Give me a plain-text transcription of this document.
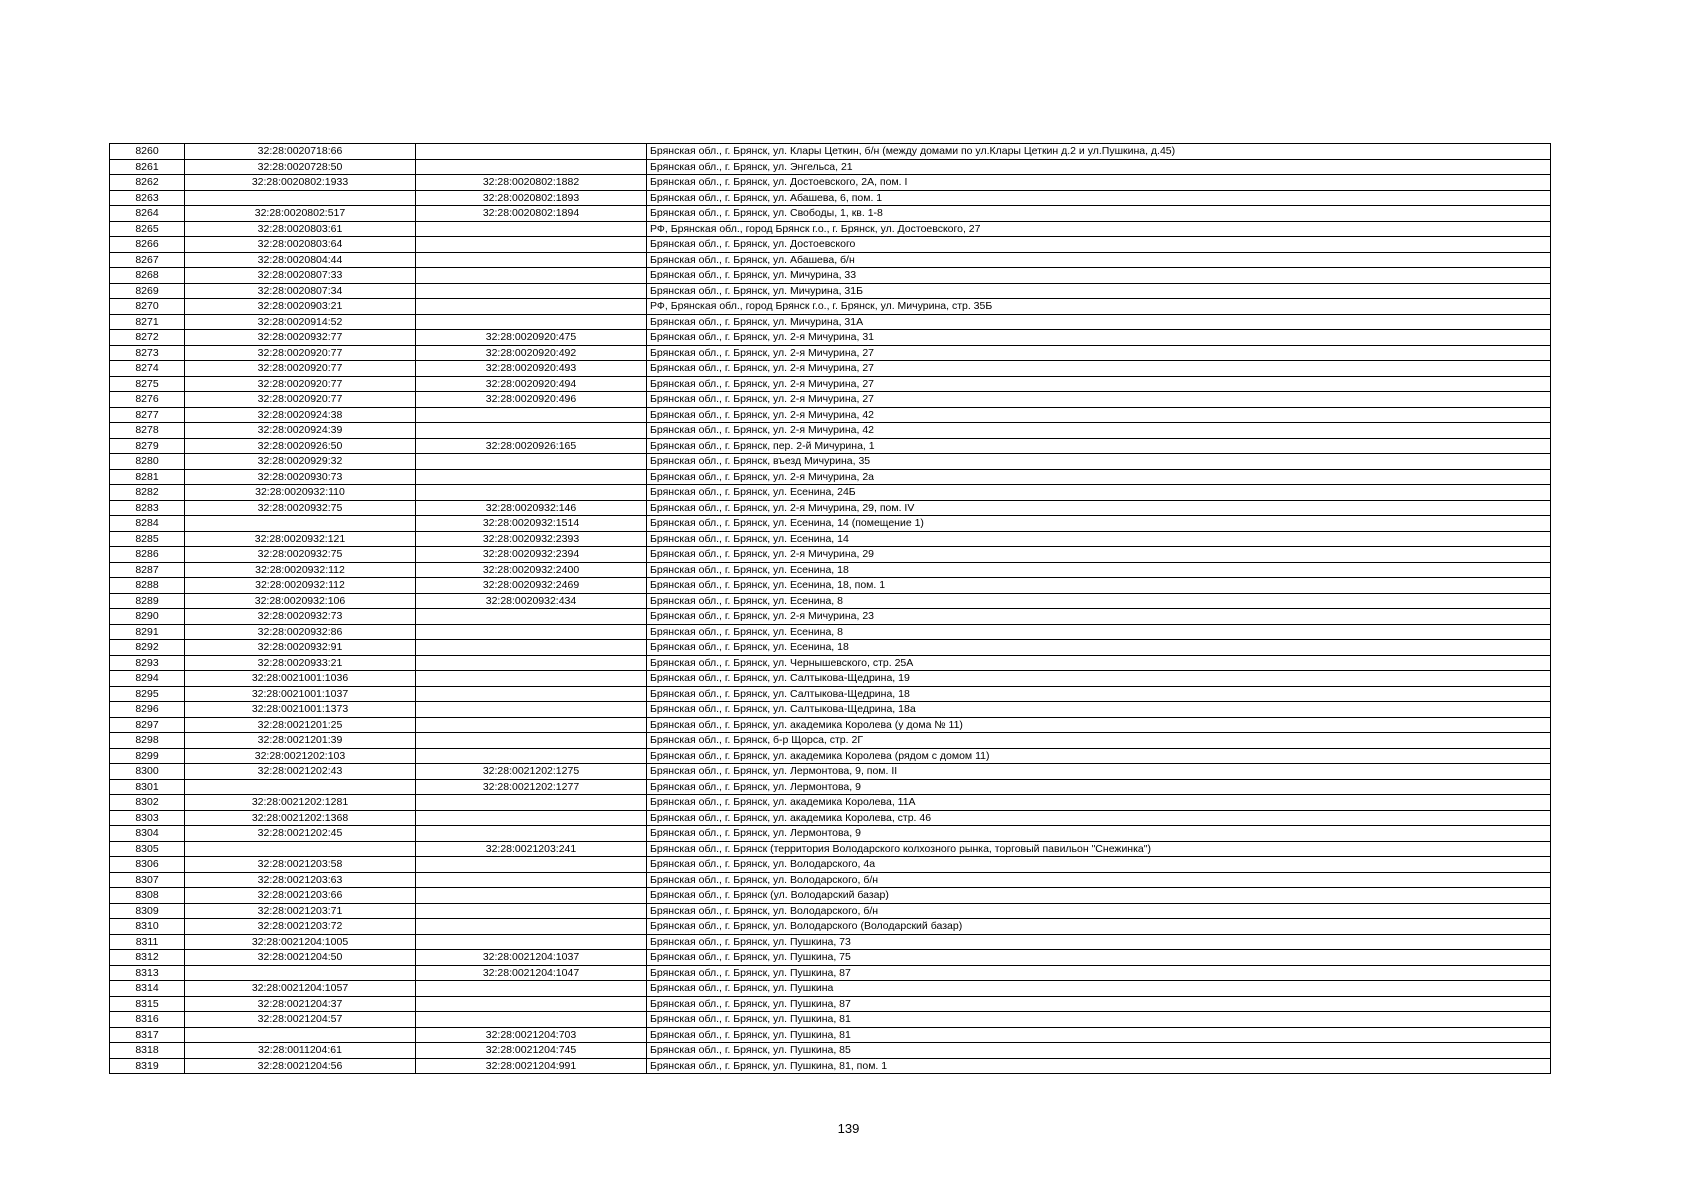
8260	32:28:0020718:66		Брянская обл., г. Брянск, ул. Клары Цеткин, б/н (между домами по ул.Клары Цеткин д.2 и ул.Пушкина, д.45)
8261	32:28:0020728:50		Брянская обл., г. Брянск, ул. Энгельса, 21
8262	32:28:0020802:1933	32:28:0020802:1882	Брянская обл., г. Брянск, ул. Достоевского, 2А, пом. I
8263		32:28:0020802:1893	Брянская обл., г. Брянск, ул. Абашева, 6, пом. 1
8264	32:28:0020802:517	32:28:0020802:1894	Брянская обл., г. Брянск, ул. Свободы, 1, кв. 1-8
8265	32:28:0020803:61		РФ, Брянская обл., город Брянск г.о., г. Брянск, ул. Достоевского, 27
8266	32:28:0020803:64		Брянская обл., г. Брянск, ул. Достоевского
8267	32:28:0020804:44		Брянская обл., г. Брянск, ул. Абашева, б/н
8268	32:28:0020807:33		Брянская обл., г. Брянск, ул. Мичурина, 33
8269	32:28:0020807:34		Брянская обл., г. Брянск, ул. Мичурина, 31Б
8270	32:28:0020903:21		РФ, Брянская обл., город Брянск г.о., г. Брянск, ул. Мичурина, стр. 35Б
8271	32:28:0020914:52		Брянская обл., г. Брянск, ул. Мичурина, 31А
8272	32:28:0020932:77	32:28:0020920:475	Брянская обл., г. Брянск, ул. 2-я Мичурина, 31
8273	32:28:0020920:77	32:28:0020920:492	Брянская обл., г. Брянск, ул. 2-я Мичурина, 27
8274	32:28:0020920:77	32:28:0020920:493	Брянская обл., г. Брянск, ул. 2-я Мичурина, 27
8275	32:28:0020920:77	32:28:0020920:494	Брянская обл., г. Брянск, ул. 2-я Мичурина, 27
8276	32:28:0020920:77	32:28:0020920:496	Брянская обл., г. Брянск, ул. 2-я Мичурина, 27
8277	32:28:0020924:38		Брянская обл., г. Брянск, ул. 2-я Мичурина, 42
8278	32:28:0020924:39		Брянская обл., г. Брянск, ул. 2-я Мичурина, 42
8279	32:28:0020926:50	32:28:0020926:165	Брянская обл., г. Брянск, пер. 2-й Мичурина, 1
8280	32:28:0020929:32		Брянская обл., г. Брянск, въезд Мичурина, 35
8281	32:28:0020930:73		Брянская обл., г. Брянск, ул. 2-я Мичурина, 2а
8282	32:28:0020932:110		Брянская обл., г. Брянск, ул. Есенина, 24Б
8283	32:28:0020932:75	32:28:0020932:146	Брянская обл., г. Брянск, ул. 2-я Мичурина, 29, пом. IV
8284		32:28:0020932:1514	Брянская обл., г. Брянск, ул. Есенина, 14 (помещение 1)
8285	32:28:0020932:121	32:28:0020932:2393	Брянская обл., г. Брянск, ул. Есенина, 14
8286	32:28:0020932:75	32:28:0020932:2394	Брянская обл., г. Брянск, ул. 2-я Мичурина, 29
8287	32:28:0020932:112	32:28:0020932:2400	Брянская обл., г. Брянск, ул. Есенина, 18
8288	32:28:0020932:112	32:28:0020932:2469	Брянская обл., г. Брянск, ул. Есенина, 18, пом. 1
8289	32:28:0020932:106	32:28:0020932:434	Брянская обл., г. Брянск, ул. Есенина, 8
8290	32:28:0020932:73		Брянская обл., г. Брянск, ул. 2-я Мичурина, 23
8291	32:28:0020932:86		Брянская обл., г. Брянск, ул. Есенина, 8
8292	32:28:0020932:91		Брянская обл., г. Брянск, ул. Есенина, 18
8293	32:28:0020933:21		Брянская обл., г. Брянск, ул. Чернышевского, стр. 25А
8294	32:28:0021001:1036		Брянская обл., г. Брянск, ул. Салтыкова-Щедрина, 19
8295	32:28:0021001:1037		Брянская обл., г. Брянск, ул. Салтыкова-Щедрина, 18
8296	32:28:0021001:1373		Брянская обл., г. Брянск, ул. Салтыкова-Щедрина, 18а
8297	32:28:0021201:25		Брянская обл., г. Брянск, ул. академика Королева (у дома № 11)
8298	32:28:0021201:39		Брянская обл., г. Брянск, б-р Щорса, стр. 2Г
8299	32:28:0021202:103		Брянская обл., г. Брянск, ул. академика Королева (рядом с домом 11)
8300	32:28:0021202:43	32:28:0021202:1275	Брянская обл., г. Брянск, ул. Лермонтова, 9, пом. II
8301		32:28:0021202:1277	Брянская обл., г. Брянск, ул. Лермонтова, 9
8302	32:28:0021202:1281		Брянская обл., г. Брянск, ул. академика Королева, 11А
8303	32:28:0021202:1368		Брянская обл., г. Брянск, ул. академика Королева, стр. 46
8304	32:28:0021202:45		Брянская обл., г. Брянск, ул. Лермонтова, 9
8305		32:28:0021203:241	Брянская обл., г. Брянск (территория Володарского колхозного рынка, торговый павильон "Снежинка")
8306	32:28:0021203:58		Брянская обл., г. Брянск, ул. Володарского, 4а
8307	32:28:0021203:63		Брянская обл., г. Брянск, ул. Володарского, б/н
8308	32:28:0021203:66		Брянская обл., г. Брянск (ул. Володарский базар)
8309	32:28:0021203:71		Брянская обл., г. Брянск, ул. Володарского, б/н
8310	32:28:0021203:72		Брянская обл., г. Брянск, ул. Володарского (Володарский базар)
8311	32:28:0021204:1005		Брянская обл., г. Брянск, ул. Пушкина, 73
8312	32:28:0021204:50	32:28:0021204:1037	Брянская обл., г. Брянск, ул. Пушкина, 75
8313		32:28:0021204:1047	Брянская обл., г. Брянск, ул. Пушкина, 87
8314	32:28:0021204:1057		Брянская обл., г. Брянск, ул. Пушкина
8315	32:28:0021204:37		Брянская обл., г. Брянск, ул. Пушкина, 87
8316	32:28:0021204:57		Брянская обл., г. Брянск, ул. Пушкина, 81
8317		32:28:0021204:703	Брянская обл., г. Брянск, ул. Пушкина, 81
8318	32:28:0011204:61	32:28:0021204:745	Брянская обл., г. Брянск, ул. Пушкина, 85
8319	32:28:0021204:56	32:28:0021204:991	Брянская обл., г. Брянск, ул. Пушкина, 81, пом. 1
139
